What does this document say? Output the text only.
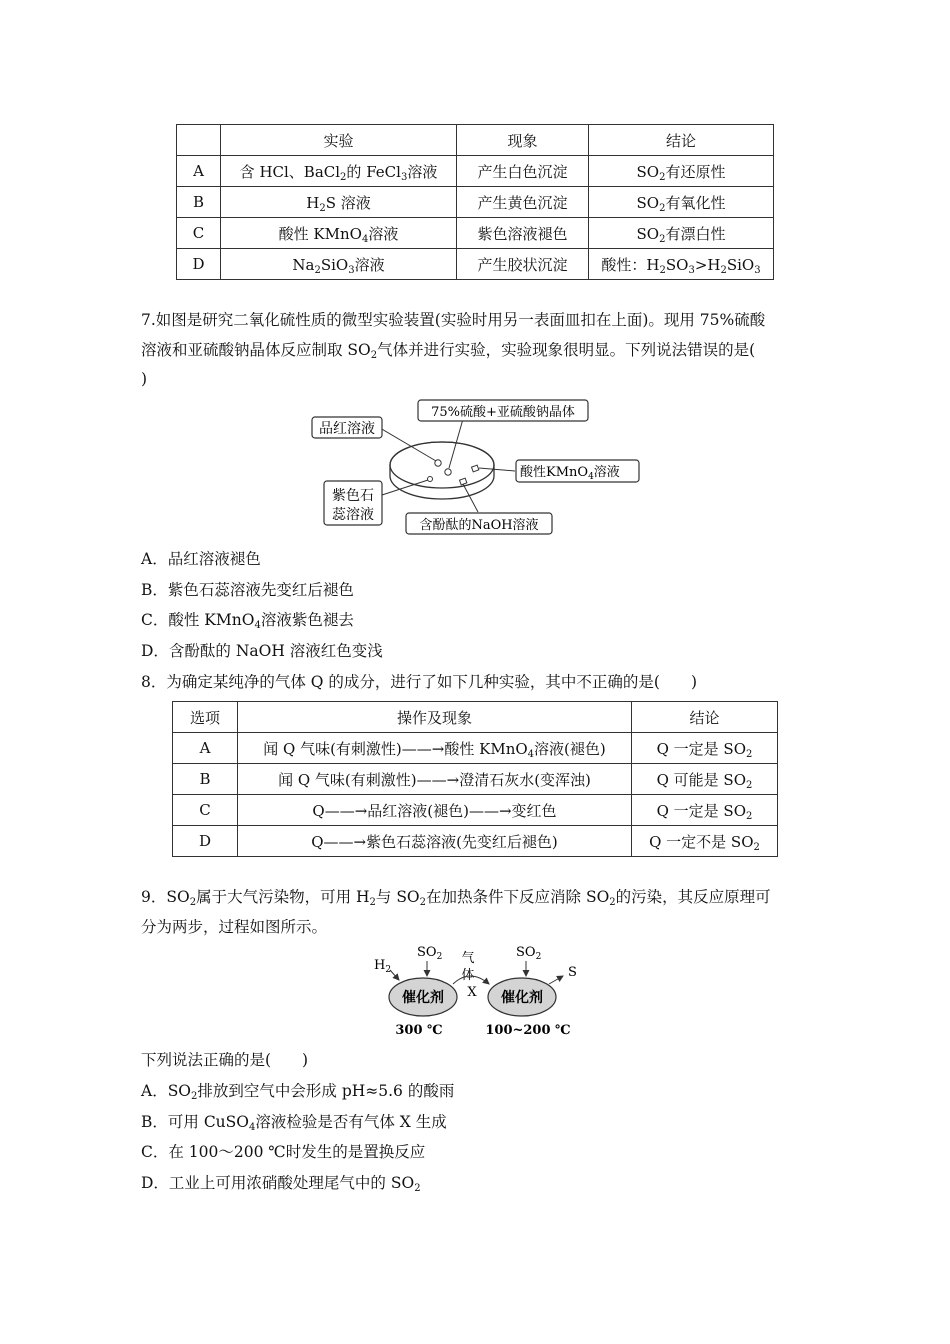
	实验	现象	结论
A	含 HCl、BaCl$_2$的 FeCl$_3$溶液	产生白色沉淀	$SO_2$有还原性
B	$H_2S$ 溶液	产生黄色沉淀	$SO_2$有氧化性
C	酸性 KMnO$_4$溶液	紫色溶液褪色	$SO_2$有漂白性
D	$Na_2SiO_3$溶液	产生胶状沉淀	酸性：$H_2SO_3>H_2SiO_3$
7.如图是研究二氧化硫性质的微型实验装置(实验时用另一表面皿扣在上面)。现用 75%硫酸
溶液和亚硫酸钠晶体反应制取 $SO_2$气体并进行实验，实验现象很明显。下列说法错误的是(
)
品红溶液
75%硫酸+亚硫酸钠晶体
酸性KMnO$_4$溶液
紫色石
蕊溶液
含酚酞的NaOH溶液
A．品红溶液褪色
B．紫色石蕊溶液先变红后褪色
C．酸性 KMnO$_4$溶液紫色褪去
D．含酚酞的 NaOH 溶液红色变浅
8．为确定某纯净的气体 Q 的成分，进行了如下几种实验，其中不正确的是(　　)
选项	操作及现象	结论
A	闻 Q 气味(有刺激性)——→酸性 KMnO$_4$溶液(褪色)	Q 一定是 $SO_2$
B	闻 Q 气味(有刺激性)——→澄清石灰水(变浑浊)	Q 可能是 $SO_2$
C	Q——→品红溶液(褪色)——→变红色	Q 一定是 $SO_2$
D	Q——→紫色石蕊溶液(先变红后褪色)	Q 一定不是 $SO_2$
9．$SO_2$属于大气污染物，可用 $H_2$与 $SO_2$在加热条件下反应消除 $SO_2$的污染，其反应原理可
分为两步，过程如图所示。
催化剂	催化剂
$H_2$
$SO_2$	$SO_2$
气
体
X
S
300 ℃	100~200 ℃
下列说法正确的是(　　)
A．$SO_2$排放到空气中会形成 pH≈5.6 的酸雨
B．可用 CuSO$_4$溶液检验是否有气体 X 生成
C．在 100～200 ℃时发生的是置换反应
D．工业上可用浓硝酸处理尾气中的 $SO_2$
